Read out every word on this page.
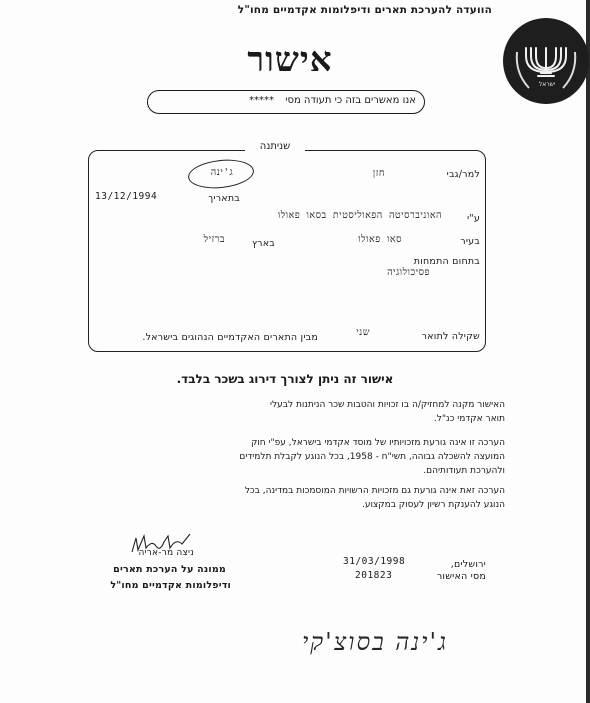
הוועדה להערכת תארים ודיפלומות אקדמיים מחו"ל
ישראל
אישור
אנו מאשרים בזה כי תעודה מסי *****
שניתנה
למר/גבי
חזן
ג'ינה
13/12/1994	בתאריך
ע"י
האוניברסיטה הפאוליסטית בסאו פאולו
בעיר
סאו פאולו
בארץ
ברזיל
בתחום התמחות
פסיכולוגיה
שקילה לתואר
שני
מבין התארים האקדמיים הנהוגים בישראל.
אישור זה ניתן לצורך דירוג בשכר בלבד.
האישור מקנה למחזיק/ה בו זכויות והטבות שכר הניתנות לבעלי
תואר אקדמי כנ"ל.
הערכה זו אינה גורעת מזכויותיו של מוסד אקדמי בישראל, עפ"י חוק
המועצה להשכלה גבוהה, תשי"ח - 1958, בכל הנוגע לקבלת תלמידים
ולהערכת תעודותיהם.
הערכה זאת אינה גורעת גם מזכויות הרשויות המוסמכות במדינה, בכל
הנוגע להענקת רשיון לעסוק במקצוע.
ניצה מר-אריה
ממונה על הערכת תארים
ודיפלומות אקדמיים מחו"ל
ירושלים,
31/03/1998
מסי האישור
201823
ג'ינה בסוצ'קי
